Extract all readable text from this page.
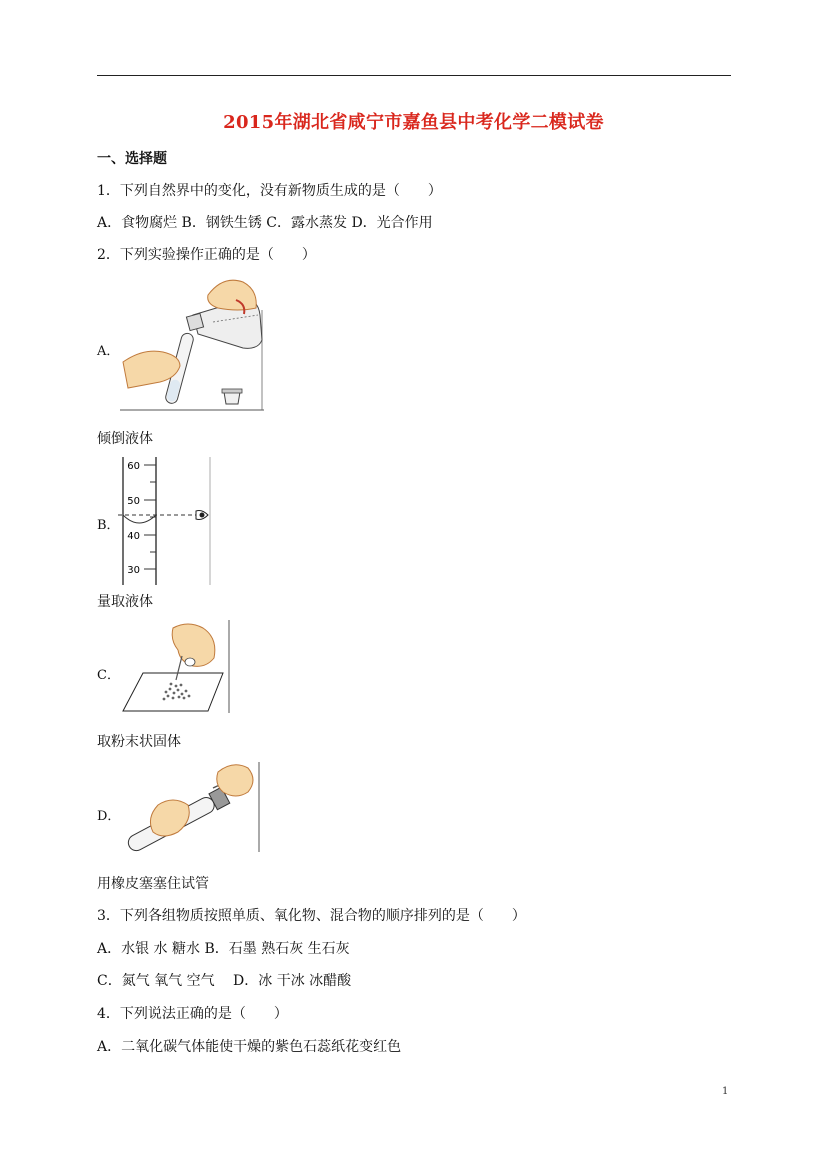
2015年湖北省咸宁市嘉鱼县中考化学二模试卷
一、选择题
1．下列自然界中的变化，没有新物质生成的是（　　）
A．食物腐烂 B．钢铁生锈 C．露水蒸发 D．光合作用
2．下列实验操作正确的是（　　）
A．
倾倒液体
B．
60
50
40
30
量取液体
C．
取粉末状固体
D．
用橡皮塞塞住试管
3．下列各组物质按照单质、氧化物、混合物的顺序排列的是（　　）
A．水银 水 糖水 B．石墨 熟石灰 生石灰
C．氮气 氧气 空气　 D．冰 干冰 冰醋酸
4．下列说法正确的是（　　）
A．二氧化碳气体能使干燥的紫色石蕊纸花变红色
1
